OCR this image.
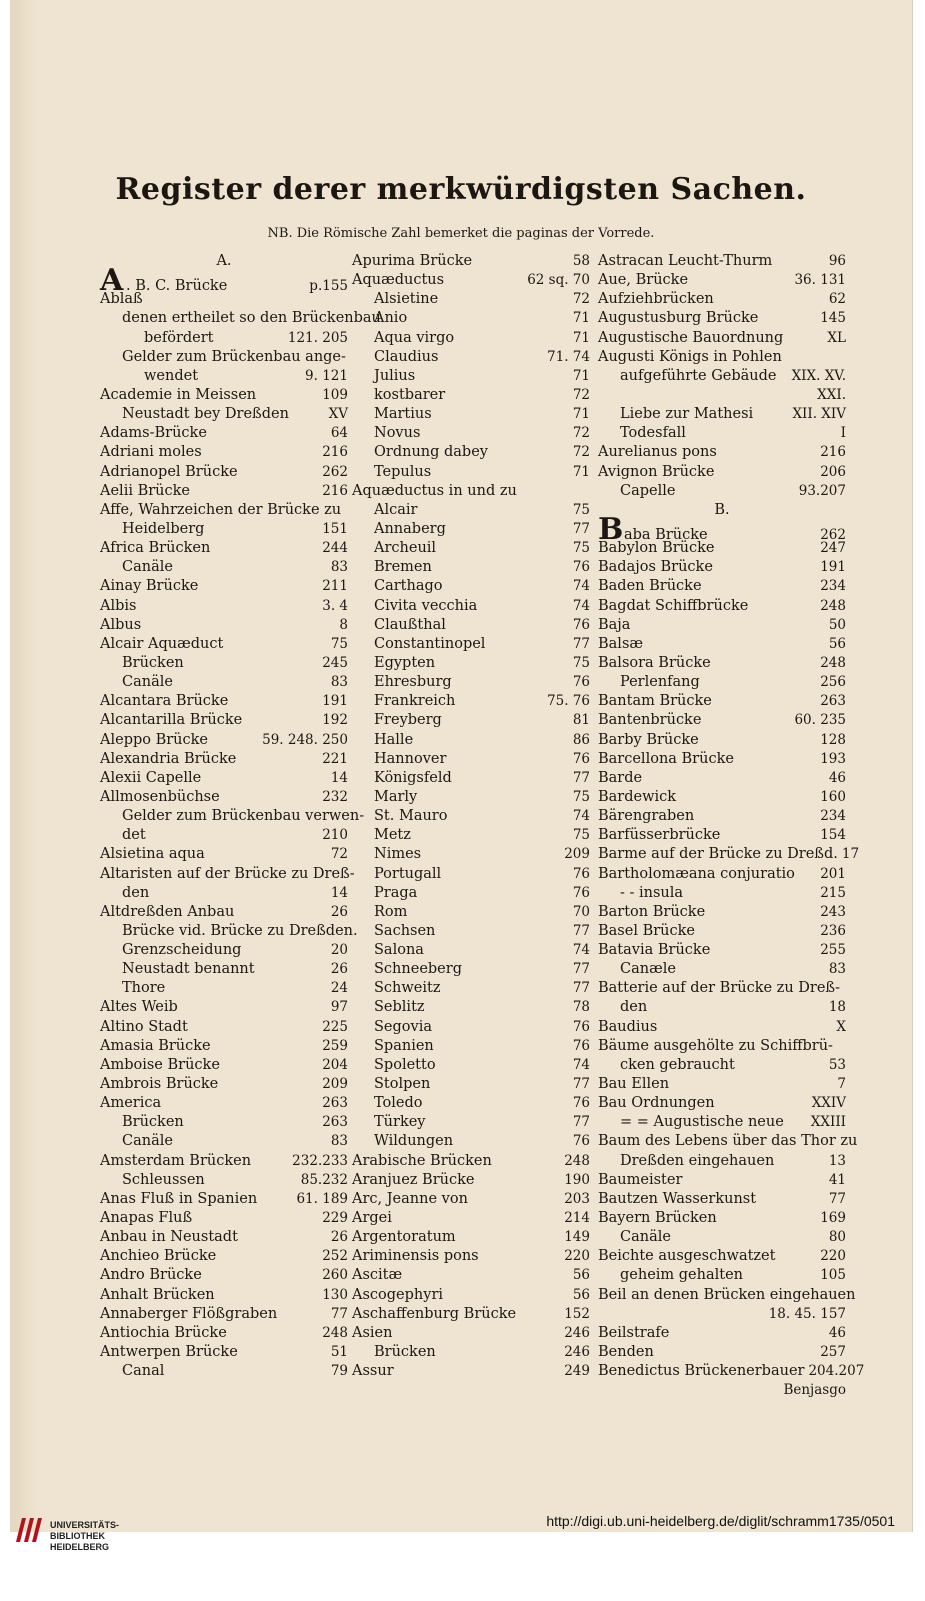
Register derer merkwürdigsten Sachen.
NB. Die Römische Zahl bemerket die paginas der Vorrede.
A.
A . B. C. Brücke	p.155
Ablaß
denen ertheilet so den Brückenbau
befördert	121. 205
Gelder zum Brückenbau ange-
wendet	9. 121
Academie in Meissen	109
Neustadt bey Dreßden	XV
Adams-Brücke	64
Adriani moles	216
Adrianopel Brücke	262
Aelii Brücke	216
Affe, Wahrzeichen der Brücke zu
Heidelberg	151
Africa Brücken	244
Canäle	83
Ainay Brücke	211
Albis	3. 4
Albus	8
Alcair Aquæduct	75
Brücken	245
Canäle	83
Alcantara Brücke	191
Alcantarilla Brücke	192
Aleppo Brücke	59. 248. 250
Alexandria Brücke	221
Alexii Capelle	14
Allmosenbüchse	232
Gelder zum Brückenbau verwen-
det	210
Alsietina aqua	72
Altaristen auf der Brücke zu Dreß-
den	14
Altdreßden Anbau	26
Brücke vid. Brücke zu Dreßden.
Grenzscheidung	20
Neustadt benannt	26
Thore	24
Altes Weib	97
Altino Stadt	225
Amasia Brücke	259
Amboise Brücke	204
Ambrois Brücke	209
America	263
Brücken	263
Canäle	83
Amsterdam Brücken	232.233
Schleussen	85.232
Anas Fluß in Spanien	61. 189
Anapas Fluß	229
Anbau in Neustadt	26
Anchieo Brücke	252
Andro Brücke	260
Anhalt Brücken	130
Annaberger Flößgraben	77
Antiochia Brücke	248
Antwerpen Brücke	51
Canal	79
Apurima Brücke	58
Aquæductus	62 sq. 70
Alsietine	72
Anio	71
Aqua virgo	71
Claudius	71. 74
Julius	71
kostbarer	72
Martius	71
Novus	72
Ordnung dabey	72
Tepulus	71
Aquæductus in und zu
Alcair	75
Annaberg	77
Archeuil	75
Bremen	76
Carthago	74
Civita vecchia	74
Claußthal	76
Constantinopel	77
Egypten	75
Ehresburg	76
Frankreich	75. 76
Freyberg	81
Halle	86
Hannover	76
Königsfeld	77
Marly	75
St. Mauro	74
Metz	75
Nimes	209
Portugall	76
Praga	76
Rom	70
Sachsen	77
Salona	74
Schneeberg	77
Schweitz	77
Seblitz	78
Segovia	76
Spanien	76
Spoletto	74
Stolpen	77
Toledo	76
Türkey	77
Wildungen	76
Arabische Brücken	248
Aranjuez Brücke	190
Arc, Jeanne von	203
Argei	214
Argentoratum	149
Ariminensis pons	220
Ascitæ	56
Ascogephyri	56
Aschaffenburg Brücke	152
Asien	246
Brücken	246
Assur	249
Astracan Leucht-Thurm	96
Aue, Brücke	36. 131
Aufziehbrücken	62
Augustusburg Brücke	145
Augustische Bauordnung	XL
Augusti Königs in Pohlen
aufgeführte Gebäude XIX. XV.
XXI.
Liebe zur Mathesi	XII. XIV
Todesfall	I
Aurelianus pons	216
Avignon Brücke	206
Capelle	93.207
B.
B aba Brücke	262
Babylon Brücke	247
Badajos Brücke	191
Baden Brücke	234
Bagdat Schiffbrücke	248
Baja	50
Balsæ	56
Balsora Brücke	248
Perlenfang	256
Bantam Brücke	263
Bantenbrücke	60. 235
Barby Brücke	128
Barcellona Brücke	193
Barde	46
Bardewick	160
Bärengraben	234
Barfüsserbrücke	154
Barme auf der Brücke zu Dreßd. 17
Bartholomæana conjuratio 201
- - insula	215
Barton Brücke	243
Basel Brücke	236
Batavia Brücke	255
Canæle	83
Batterie auf der Brücke zu Dreß-
den	18
Baudius	X
Bäume ausgehölte zu Schiffbrü-
cken gebraucht	53
Bau Ellen	7
Bau Ordnungen	XXIV
= = Augustische neue XXIII
Baum des Lebens über das Thor zu
Dreßden eingehauen	13
Baumeister	41
Bautzen Wasserkunst	77
Bayern Brücken	169
Canäle	80
Beichte ausgeschwatzet	220
geheim gehalten	105
Beil an denen Brücken eingehauen
18. 45. 157
Beilstrafe	46
Benden	257
Benedictus Brückenerbauer 204.207
Benjasgo
UNIVERSITÄTS-
BIBLIOTHEK
HEIDELBERG
http://digi.ub.uni-heidelberg.de/diglit/schramm1735/0501
